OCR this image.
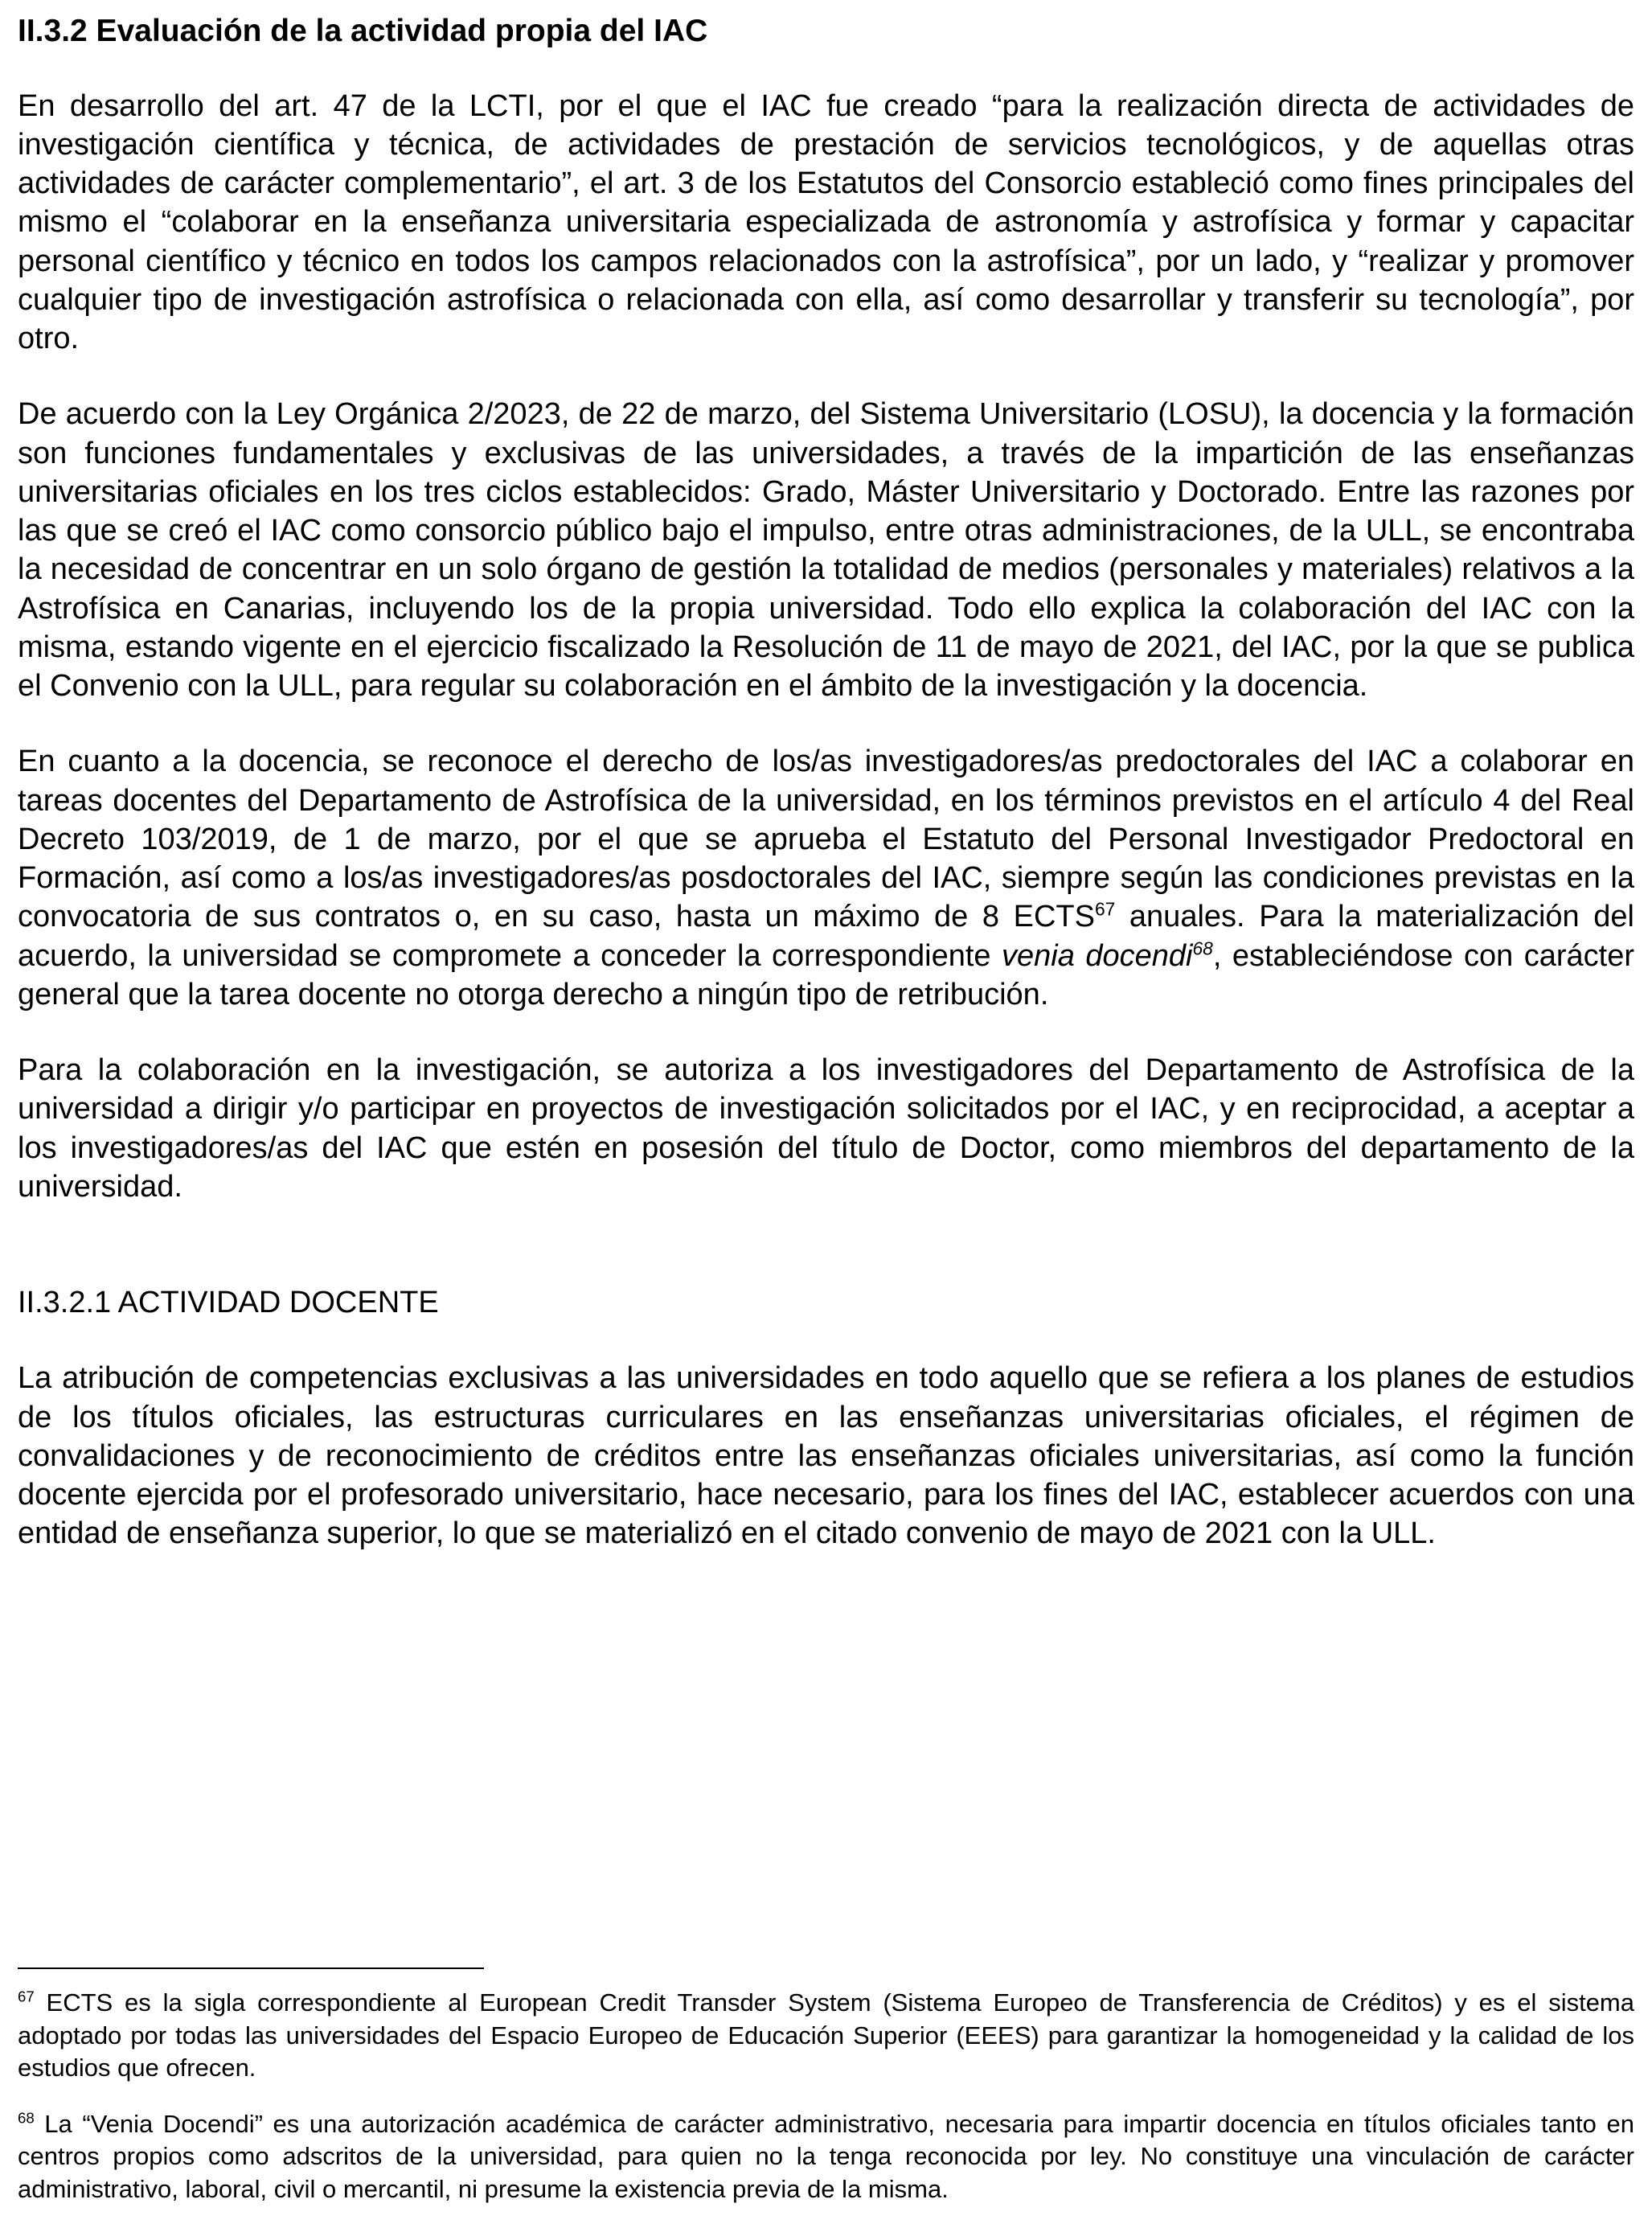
II.3.2 Evaluación de la actividad propia del IAC

En desarrollo del art. 47 de la LCTI, por el que el IAC fue creado “para la realización directa de actividades de investigación científica y técnica, de actividades de prestación de servicios tecnológicos, y de aquellas otras actividades de carácter complementario”, el art. 3 de los Estatutos del Consorcio estableció como fines principales del mismo el “colaborar en la enseñanza universitaria especializada de astronomía y astrofísica y formar y capacitar personal científico y técnico en todos los campos relacionados con la astrofísica”, por un lado, y “realizar y promover cualquier tipo de investigación astrofísica o relacionada con ella, así como desarrollar y transferir su tecnología”, por otro.

De acuerdo con la Ley Orgánica 2/2023, de 22 de marzo, del Sistema Universitario (LOSU), la docencia y la formación son funciones fundamentales y exclusivas de las universidades, a través de la impartición de las enseñanzas universitarias oficiales en los tres ciclos establecidos: Grado, Máster Universitario y Doctorado. Entre las razones por las que se creó el IAC como consorcio público bajo el impulso, entre otras administraciones, de la ULL, se encontraba la necesidad de concentrar en un solo órgano de gestión la totalidad de medios (personales y materiales) relativos a la Astrofísica en Canarias, incluyendo los de la propia universidad. Todo ello explica la colaboración del IAC con la misma, estando vigente en el ejercicio fiscalizado la Resolución de 11 de mayo de 2021, del IAC, por la que se publica el Convenio con la ULL, para regular su colaboración en el ámbito de la investigación y la docencia.

En cuanto a la docencia, se reconoce el derecho de los/as investigadores/as predoctorales del IAC a colaborar en tareas docentes del Departamento de Astrofísica de la universidad, en los términos previstos en el artículo 4 del Real Decreto 103/2019, de 1 de marzo, por el que se aprueba el Estatuto del Personal Investigador Predoctoral en Formación, así como a los/as investigadores/as posdoctorales del IAC, siempre según las condiciones previstas en la convocatoria de sus contratos o, en su caso, hasta un máximo de 8 ECTS$^{67}$ anuales. Para la materialización del acuerdo, la universidad se compromete a conceder la correspondiente venia docendi$^{68}$, estableciéndose con carácter general que la tarea docente no otorga derecho a ningún tipo de retribución.

Para la colaboración en la investigación, se autoriza a los investigadores del Departamento de Astrofísica de la universidad a dirigir y/o participar en proyectos de investigación solicitados por el IAC, y en reciprocidad, a aceptar a los investigadores/as del IAC que estén en posesión del título de Doctor, como miembros del departamento de la universidad.

II.3.2.1 ACTIVIDAD DOCENTE

La atribución de competencias exclusivas a las universidades en todo aquello que se refiera a los planes de estudios de los títulos oficiales, las estructuras curriculares en las enseñanzas universitarias oficiales, el régimen de convalidaciones y de reconocimiento de créditos entre las enseñanzas oficiales universitarias, así como la función docente ejercida por el profesorado universitario, hace necesario, para los fines del IAC, establecer acuerdos con una entidad de enseñanza superior, lo que se materializó en el citado convenio de mayo de 2021 con la ULL.

$^{67}$ ECTS es la sigla correspondiente al European Credit Transder System (Sistema Europeo de Transferencia de Créditos) y es el sistema adoptado por todas las universidades del Espacio Europeo de Educación Superior (EEES) para garantizar la homogeneidad y la calidad de los estudios que ofrecen.

$^{68}$ La “Venia Docendi” es una autorización académica de carácter administrativo, necesaria para impartir docencia en títulos oficiales tanto en centros propios como adscritos de la universidad, para quien no la tenga reconocida por ley. No constituye una vinculación de carácter administrativo, laboral, civil o mercantil, ni presume la existencia previa de la misma.
